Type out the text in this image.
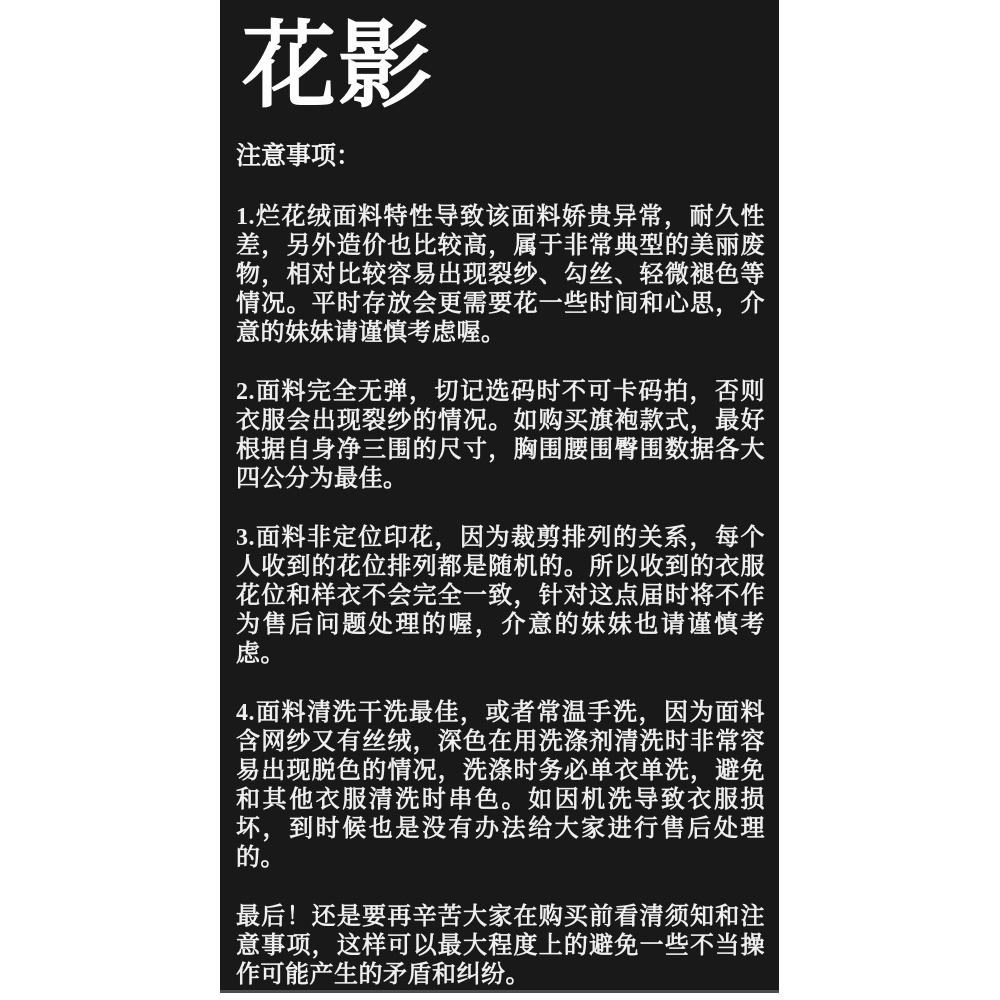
花影
注意事项：

1.烂花绒面料特性导致该面料娇贵异常，耐久性差，另外造价也比较高，属于非常典型的美丽废物，相对比较容易出现裂纱、勾丝、轻微褪色等情况。平时存放会更需要花一些时间和心思，介意的妹妹请谨慎考虑喔。

2.面料完全无弹，切记选码时不可卡码拍，否则衣服会出现裂纱的情况。如购买旗袍款式，最好根据自身净三围的尺寸，胸围腰围臀围数据各大四公分为最佳。

3.面料非定位印花，因为裁剪排列的关系，每个人收到的花位排列都是随机的。所以收到的衣服花位和样衣不会完全一致，针对这点届时将不作为售后问题处理的喔，介意的妹妹也请谨慎考虑。

4.面料清洗干洗最佳，或者常温手洗，因为面料含网纱又有丝绒，深色在用洗涤剂清洗时非常容易出现脱色的情况，洗涤时务必单衣单洗，避免和其他衣服清洗时串色。如因机洗导致衣服损坏，到时候也是没有办法给大家进行售后处理的。

最后！还是要再辛苦大家在购买前看清须知和注意事项，这样可以最大程度上的避免一些不当操作可能产生的矛盾和纠纷。
